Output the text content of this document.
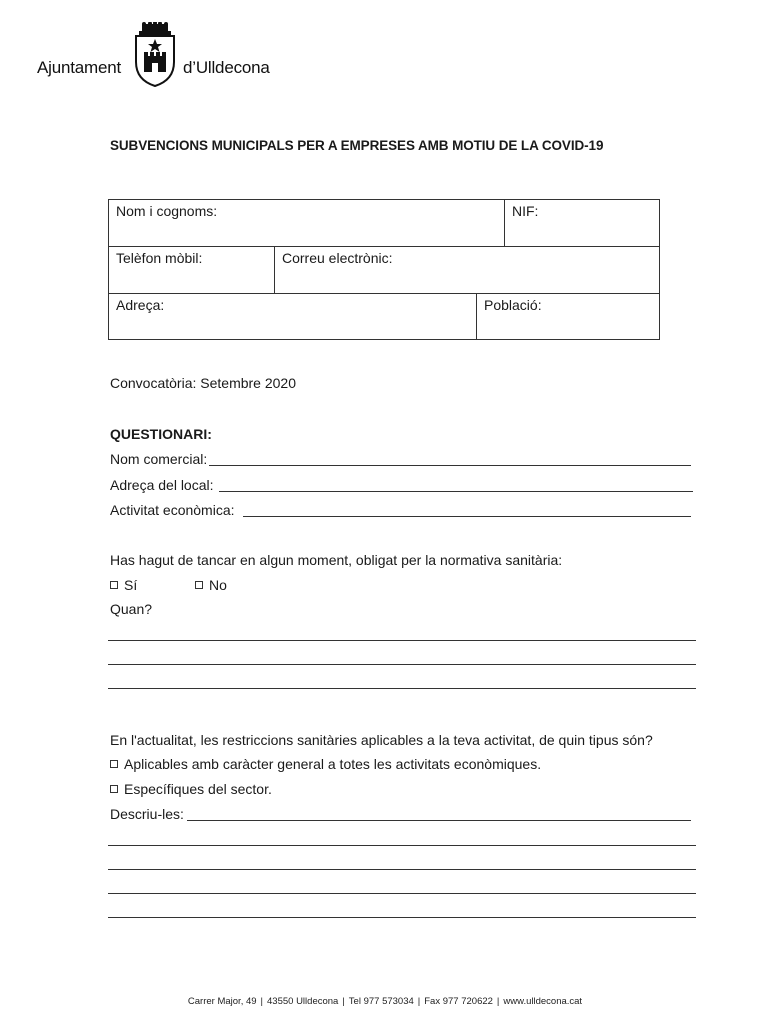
Ajuntament	d’Ulldecona
SUBVENCIONS MUNICIPALS PER A EMPRESES AMB MOTIU DE LA COVID-19
Nom i cognoms:	NIF:
Telèfon mòbil:	Correu electrònic:
Adreça:	Població:
Convocatòria: Setembre 2020
QUESTIONARI:
Nom comercial:
Adreça del local:
Activitat econòmica:
Has hagut de tancar en algun moment, obligat per la normativa sanitària:
Sí	No
Quan?
En l'actualitat, les restriccions sanitàries aplicables a la teva activitat, de quin tipus són?
Aplicables amb caràcter general a totes les activitats econòmiques.
Específiques del sector.
Descriu-les:
Carrer Major, 49 | 43550 Ulldecona | Tel 977 573034 | Fax 977 720622 | www.ulldecona.cat
